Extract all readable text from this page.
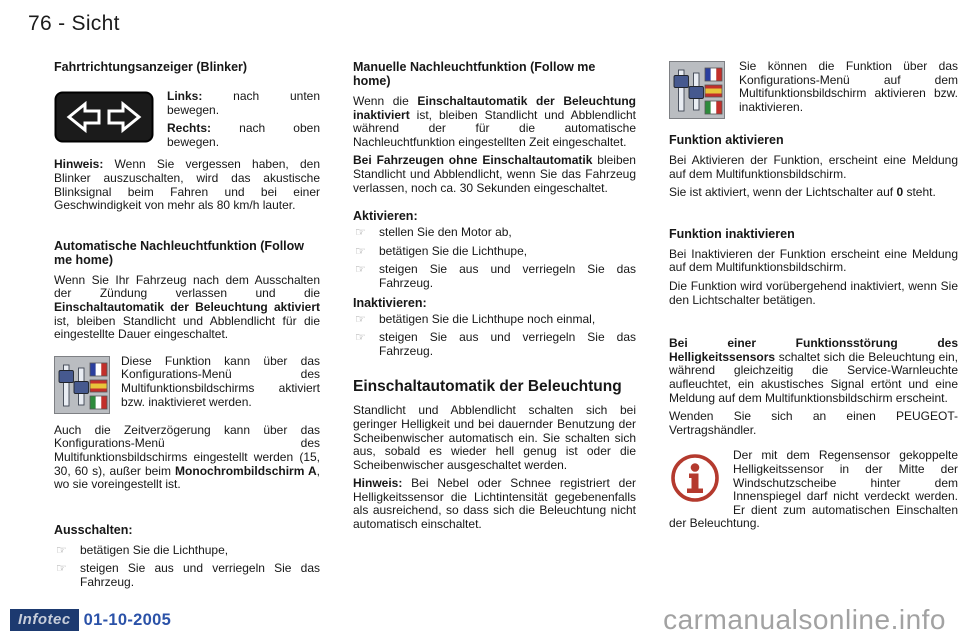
76 - Sicht
Fahrtrichtungsanzeiger (Blinker)

Links: nach unten bewegen.

Rechts: nach oben bewegen.

Hinweis: Wenn Sie vergessen haben, den Blinker auszuschalten, wird das akustische Blinksignal beim Fahren und bei einer Geschwindigkeit von mehr als 80 km/h lauter.

Automatische Nachleuchtfunktion (Follow me home)

Wenn Sie Ihr Fahrzeug nach dem Ausschalten der Zündung verlassen und die Einschaltautomatik der Beleuchtung aktiviert ist, bleiben Standlicht und Abblendlicht für die eingestellte Dauer eingeschaltet.

Diese Funktion kann über das Konfigurations-Menü des Multifunktionsbildschirms aktiviert bzw. inaktivieret werden.

Auch die Zeitverzögerung kann über das Konfigurations-Menü des Multifunktionsbildschirms eingestellt werden (15, 30, 60 s), außer beim Monochrombildschirm A, wo sie voreingestellt ist.

Ausschalten:
☞ betätigen Sie die Lichthupe,
☞ steigen Sie aus und verriegeln Sie das Fahrzeug.
Manuelle Nachleuchtfunktion (Follow me home)

Wenn die Einschaltautomatik der Beleuchtung inaktiviert ist, bleiben Standlicht und Abblendlicht während der für die automatische Nachleuchtfunktion eingestellten Zeit eingeschaltet.

Bei Fahrzeugen ohne Einschaltautomatik bleiben Standlicht und Abblendlicht, wenn Sie das Fahrzeug verlassen, noch ca. 30 Sekunden eingeschaltet.

Aktivieren:
☞ stellen Sie den Motor ab,
☞ betätigen Sie die Lichthupe,
☞ steigen Sie aus und verriegeln Sie das Fahrzeug.
Inaktivieren:
☞ betätigen Sie die Lichthupe noch einmal,
☞ steigen Sie aus und verriegeln Sie das Fahrzeug.
Einschaltautomatik der Beleuchtung

Standlicht und Abblendlicht schalten sich bei geringer Helligkeit und bei dauernder Benutzung der Scheibenwischer automatisch ein. Sie schalten sich aus, sobald es wieder hell genug ist oder die Scheibenwischer ausgeschaltet werden.

Hinweis: Bei Nebel oder Schnee registriert der Helligkeitssensor die Lichtintensität gegebenenfalls als ausreichend, so dass sich die Beleuchtung nicht automatisch einschaltet.

Sie können die Funktion über das Konfigurations-Menü auf dem Multifunktionsbildschirm aktivieren bzw. inaktivieren.

Funktion aktivieren

Bei Aktivieren der Funktion, erscheint eine Meldung auf dem Multifunktionsbildschirm.

Sie ist aktiviert, wenn der Lichtschalter auf 0 steht.

Funktion inaktivieren

Bei Inaktivieren der Funktion erscheint eine Meldung auf dem Multifunktionsbildschirm.

Die Funktion wird vorübergehend inaktiviert, wenn Sie den Lichtschalter betätigen.

Bei einer Funktionsstörung des Helligkeitssensors schaltet sich die Beleuchtung ein, während gleichzeitig die Service-Warnleuchte aufleuchtet, ein akustisches Signal ertönt und eine Meldung auf dem Multifunktionsbildschirm erscheint.

Wenden Sie sich an einen PEUGEOT-Vertragshändler.

Der mit dem Regensensor gekoppelte Helligkeitssensor in der Mitte der Windschutzscheibe hinter dem Innenspiegel darf nicht verdeckt werden. Er dient zum automatischen Einschalten der Beleuchtung.

Infotec 01-10-2005	carmanualsonline.info
